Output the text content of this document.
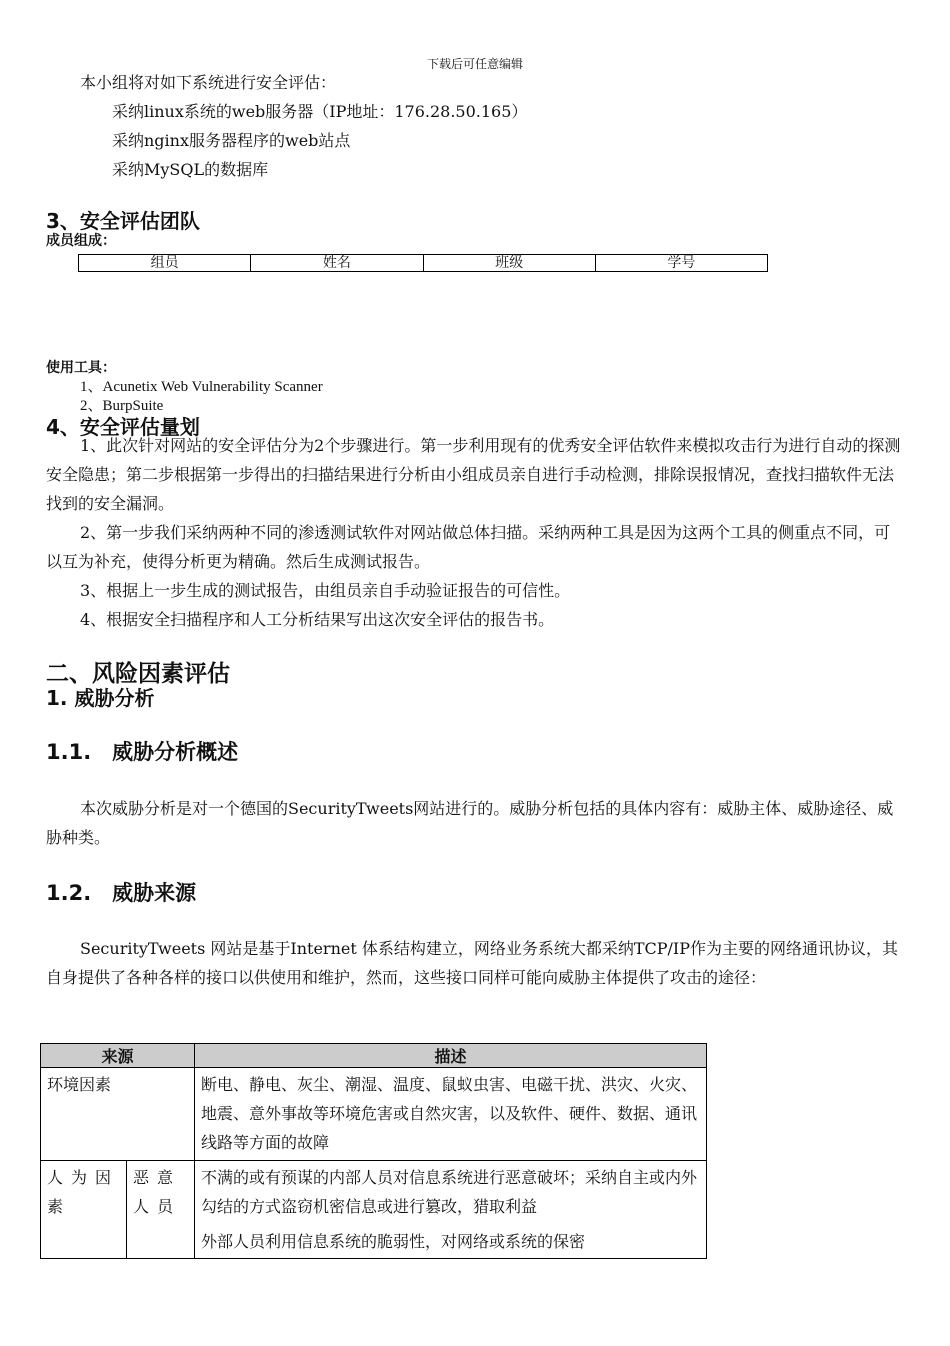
下载后可任意编辑
本小组将对如下系统进行安全评估：
采纳linux系统的web服务器（IP地址：176.28.50.165）
采纳nginx服务器程序的web站点
采纳MySQL的数据库
3、安全评估团队
成员组成：
组员	姓名	班级	学号
使用工具：
1、Acunetix Web Vulnerability Scanner
2、BurpSuite
4、安全评估量划
1、此次针对网站的安全评估分为2个步骤进行。第一步利用现有的优秀安全评估软件来模拟攻击行为进行自动的探测安全隐患；第二步根据第一步得出的扫描结果进行分析由小组成员亲自进行手动检测，排除误报情况，查找扫描软件无法找到的安全漏洞。
2、第一步我们采纳两种不同的渗透测试软件对网站做总体扫描。采纳两种工具是因为这两个工具的侧重点不同，可以互为补充，使得分析更为精确。然后生成测试报告。
3、根据上一步生成的测试报告，由组员亲自手动验证报告的可信性。
4、根据安全扫描程序和人工分析结果写出这次安全评估的报告书。
二、风险因素评估
1. 威胁分析
1.1.　威胁分析概述
本次威胁分析是对一个德国的SecurityTweets网站进行的。威胁分析包括的具体内容有：威胁主体、威胁途径、威胁种类。
1.2.　威胁来源
SecurityTweets 网站是基于Internet 体系结构建立，网络业务系统大都采纳TCP/IP作为主要的网络通讯协议，其自身提供了各种各样的接口以供使用和维护，然而，这些接口同样可能向威胁主体提供了攻击的途径：
来源		描述
环境因素		断电、静电、灰尘、潮湿、温度、鼠蚁虫害、电磁干扰、洪灾、火灾、地震、意外事故等环境危害或自然灾害，以及软件、硬件、数据、通讯线路等方面的故障
人为因素	恶意人员	不满的或有预谋的内部人员对信息系统进行恶意破坏；采纳自主或内外勾结的方式盗窃机密信息或进行篡改，猎取利益
外部人员利用信息系统的脆弱性，对网络或系统的保密
